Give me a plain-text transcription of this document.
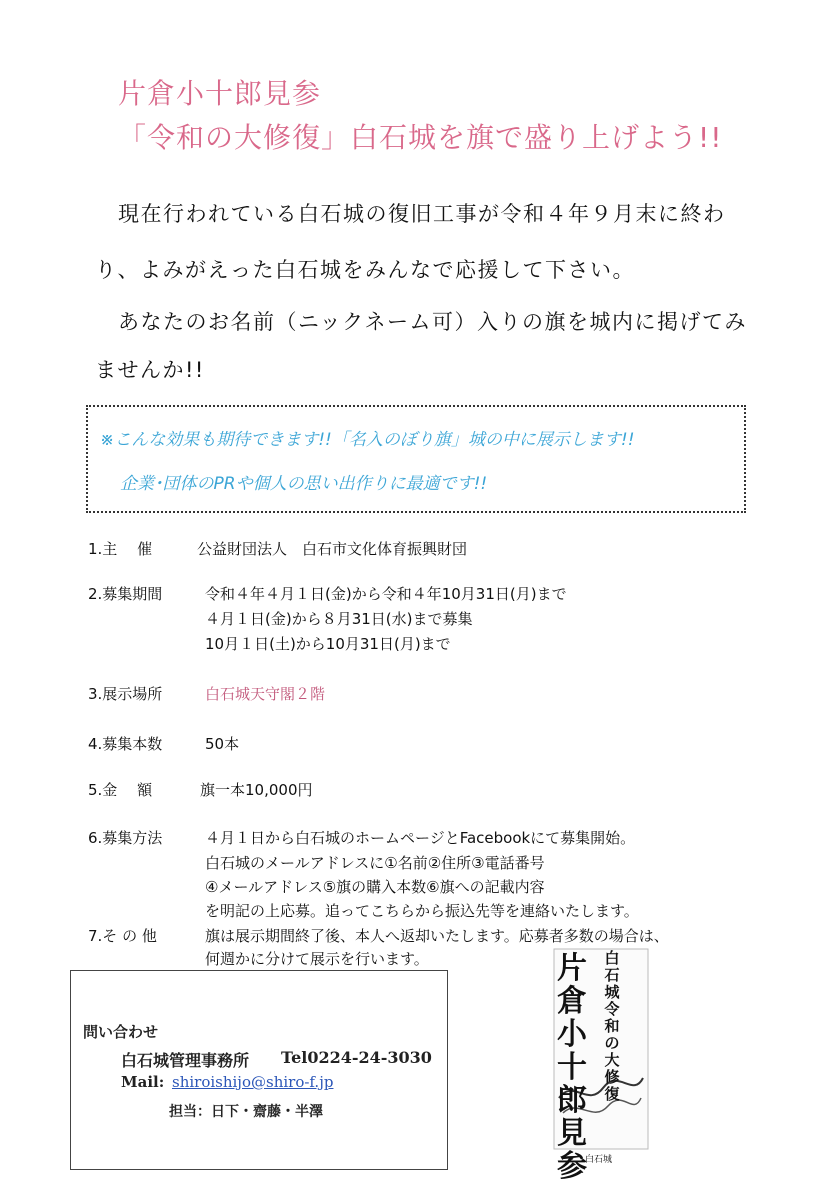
片倉小十郎見参
「令和の大修復」白石城を旗で盛り上げよう!!
現在行われている白石城の復旧工事が令和４年９月末に終わ
り、よみがえった白石城をみんなで応援して下さい。
あなたのお名前（ニックネーム可）入りの旗を城内に掲げてみ
ませんか!!
※こんな効果も期待できます!!「名入のぼり旗」城の中に展示します!!
企業･団体のPRや個人の思い出作りに最適です!!
1.主　 催	公益財団法人　白石市文化体育振興財団
2.募集期間	令和４年４月１日(金)から令和４年10月31日(月)まで
４月１日(金)から８月31日(水)まで募集
10月１日(土)から10月31日(月)まで
3.展示場所	白石城天守閣２階
4.募集本数	50本
5.金　 額	旗一本10,000円
6.募集方法	４月１日から白石城のホームページとFacebookにて募集開始。
白石城のメールアドレスに①名前②住所③電話番号
④メールアドレス⑤旗の購入本数⑥旗への記載内容
を明記の上応募。追ってこちらから振込先等を連絡いたします。
7.そ の 他	旗は展示期間終了後、本人へ返却いたします。応募者多数の場合は、
何週かに分けて展示を行います。
問い合わせ
白石城管理事務所 Tel0224-24-3030
Mail: shiroishijo@shiro-f.jp
担当：日下・齋藤・半澤
片倉小十郎見参
白石城令和の大修復
白石城
